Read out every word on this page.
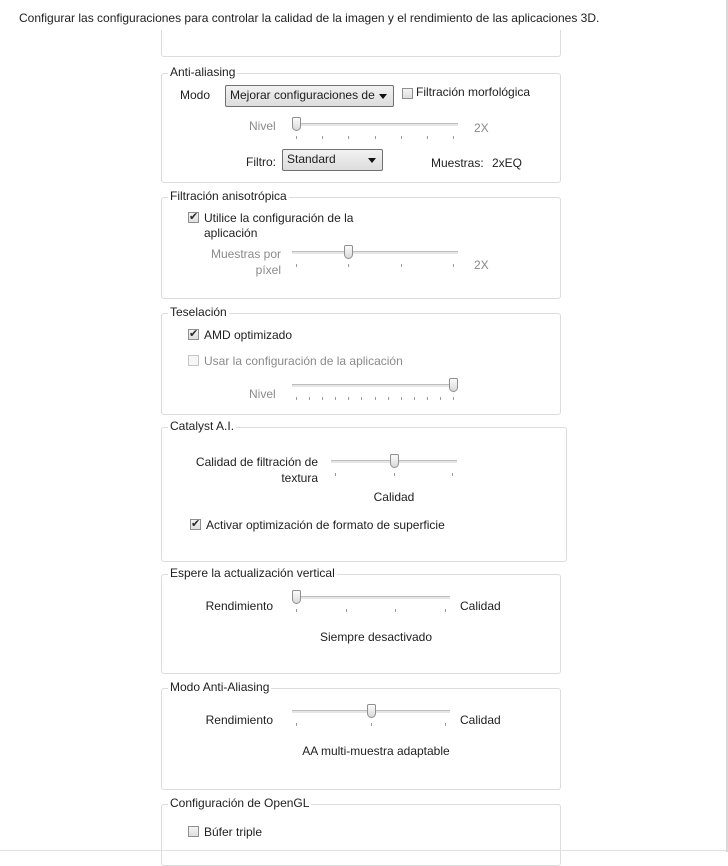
Configurar las configuraciones para controlar la calidad de la imagen y el rendimiento de las aplicaciones 3D.
Anti-aliasing
Modo	Mejorar configuraciones de	Filtración morfológica
Nivel	2X
Filtro: Standard	Muestras: 2xEQ
Filtración anisotrópica
✔
Utilice la configuración de la
aplicación
Muestras por
píxel	2X
Teselación
✔
AMD optimizado
Usar la configuración de la aplicación
Nivel
Catalyst A.I.
Calidad de filtración de
textura
Calidad
✔
Activar optimización de formato de superficie
Espere la actualización vertical
Rendimiento	Calidad
Siempre desactivado
Modo Anti-Aliasing
Rendimiento	Calidad
AA multi-muestra adaptable
Configuración de OpenGL
Búfer triple
